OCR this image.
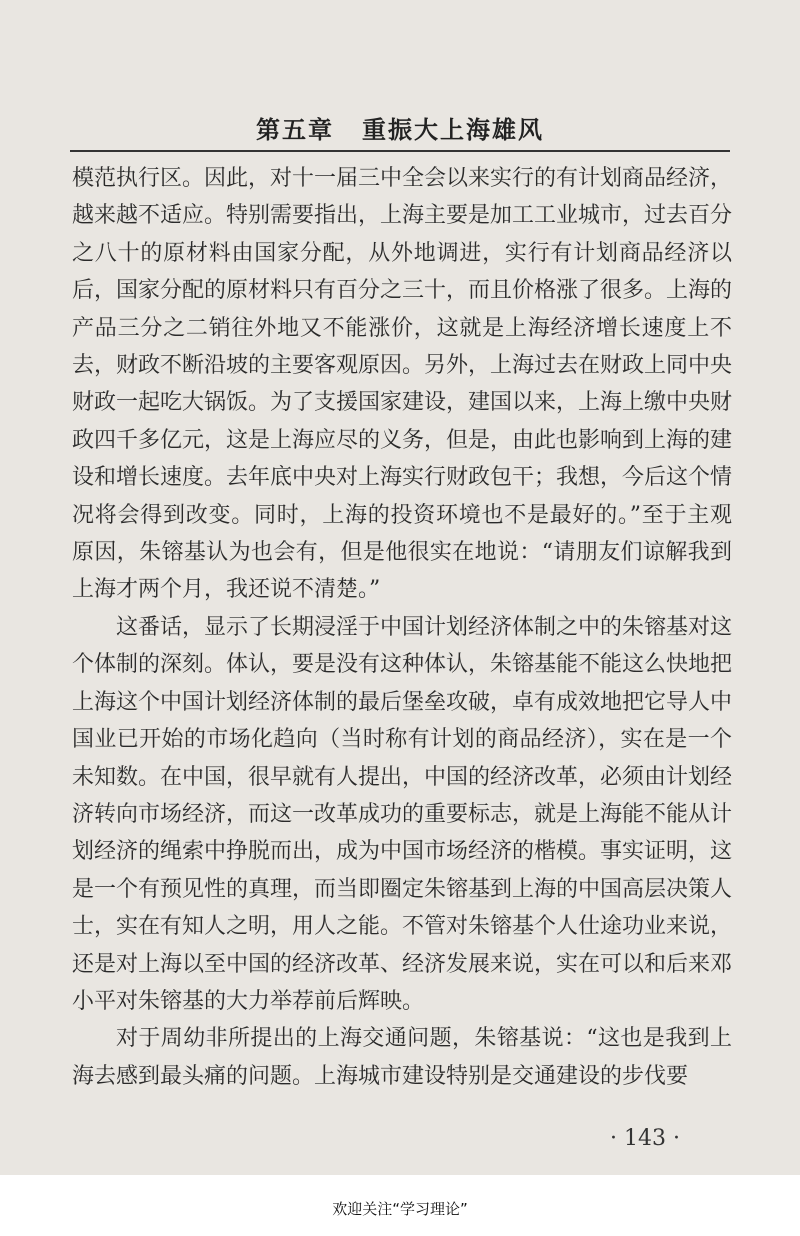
第五章 重振大上海雄风

模范执行区。因此，对十一届三中全会以来实行的有计划商品经济，越来越不适应。特别需要指出，上海主要是加工工业城市，过去百分之八十的原材料由国家分配，从外地调进，实行有计划商品经济以后，国家分配的原材料只有百分之三十，而且价格涨了很多。上海的产品三分之二销往外地又不能涨价，这就是上海经济增长速度上不去，财政不断沿坡的主要客观原因。另外，上海过去在财政上同中央财政一起吃大锅饭。为了支援国家建设，建国以来，上海上缴中央财政四千多亿元，这是上海应尽的义务，但是，由此也影响到上海的建设和增长速度。去年底中央对上海实行财政包干；我想，今后这个情况将会得到改变。同时，上海的投资环境也不是最好的。”至于主观原因，朱镕基认为也会有，但是他很实在地说：“请朋友们谅解我到上海才两个月，我还说不清楚。”

这番话，显示了长期浸淫于中国计划经济体制之中的朱镕基对这个体制的深刻。体认，要是没有这种体认，朱镕基能不能这么快地把上海这个中国计划经济体制的最后堡垒攻破，卓有成效地把它导人中国业已开始的市场化趋向（当时称有计划的商品经济），实在是一个未知数。在中国，很早就有人提出，中国的经济改革，必须由计划经济转向市场经济，而这一改革成功的重要标志，就是上海能不能从计划经济的绳索中挣脱而出，成为中国市场经济的楷模。事实证明，这是一个有预见性的真理，而当即圈定朱镕基到上海的中国高层决策人士，实在有知人之明，用人之能。不管对朱镕基个人仕途功业来说，还是对上海以至中国的经济改革、经济发展来说，实在可以和后来邓小平对朱镕基的大力举荐前后辉映。

对于周幼非所提出的上海交通问题，朱镕基说：“这也是我到上海去感到最头痛的问题。上海城市建设特别是交通建设的步伐要

· 143 ·
欢迎关注“学习理论”
